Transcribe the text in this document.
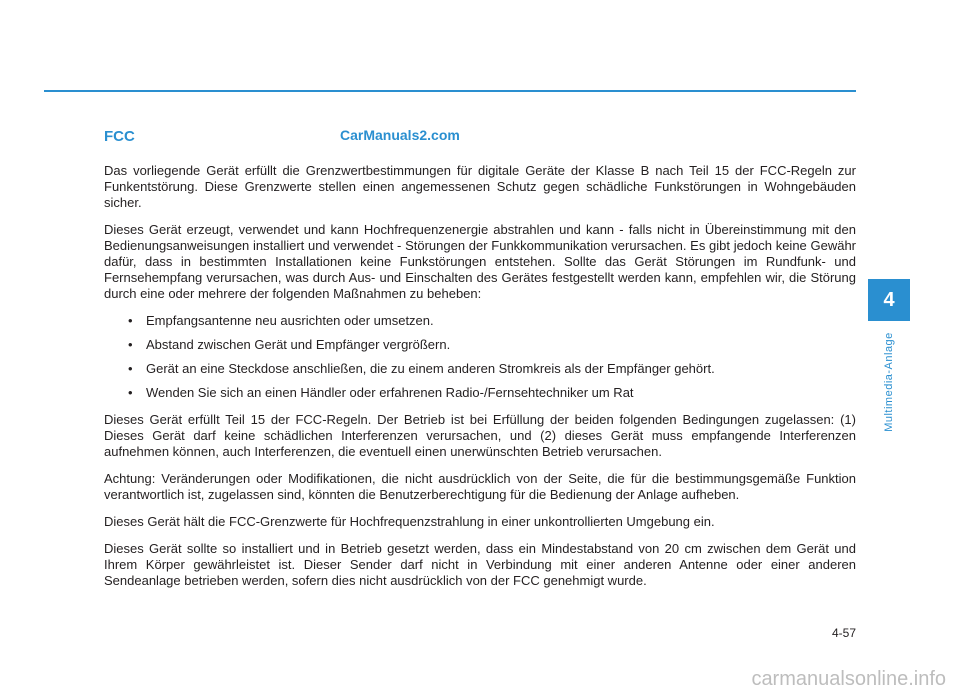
FCC	CarManuals2.com

Das vorliegende Gerät erfüllt die Grenzwertbestimmungen für digitale Geräte der Klasse B nach Teil 15 der FCC-Regeln zur Funkentstörung. Diese Grenzwerte stellen einen angemessenen Schutz gegen schädliche Funkstörungen in Wohngebäuden sicher.

Dieses Gerät erzeugt, verwendet und kann Hochfrequenzenergie abstrahlen und kann - falls nicht in Übereinstimmung mit den Bedienungsanweisungen installiert und verwendet - Störungen der Funkkommunikation verursachen. Es gibt jedoch keine Gewähr dafür, dass in bestimmten Installationen keine Funkstörungen entstehen. Sollte das Gerät Störungen im Rundfunk- und Fernsehempfang verursachen, was durch Aus- und Einschalten des Gerätes festgestellt werden kann, empfehlen wir, die Störung durch eine oder mehrere der folgenden Maßnahmen zu beheben:

• Empfangsantenne neu ausrichten oder umsetzen.
• Abstand zwischen Gerät und Empfänger vergrößern.
• Gerät an eine Steckdose anschließen, die zu einem anderen Stromkreis als der Empfänger gehört.
• Wenden Sie sich an einen Händler oder erfahrenen Radio-/Fernsehtechniker um Rat

Dieses Gerät erfüllt Teil 15 der FCC-Regeln. Der Betrieb ist bei Erfüllung der beiden folgenden Bedingungen zugelassen: (1) Dieses Gerät darf keine schädlichen Interferenzen verursachen, und (2) dieses Gerät muss empfangende Interferenzen aufnehmen können, auch Interferenzen, die eventuell einen unerwünschten Betrieb verursachen.

Achtung: Veränderungen oder Modifikationen, die nicht ausdrücklich von der Seite, die für die bestimmungsgemäße Funktion verantwortlich ist, zugelassen sind, könnten die Benutzerberechtigung für die Bedienung der Anlage aufheben.

Dieses Gerät hält die FCC-Grenzwerte für Hochfrequenzstrahlung in einer unkontrollierten Umgebung ein.

Dieses Gerät sollte so installiert und in Betrieb gesetzt werden, dass ein Mindestabstand von 20 cm zwischen dem Gerät und Ihrem Körper gewährleistet ist. Dieser Sender darf nicht in Verbindung mit einer anderen Antenne oder einer anderen Sendeanlage betrieben werden, sofern dies nicht ausdrücklich von der FCC genehmigt wurde.

4-57
4
Multimedia-Anlage
carmanualsonline.info
